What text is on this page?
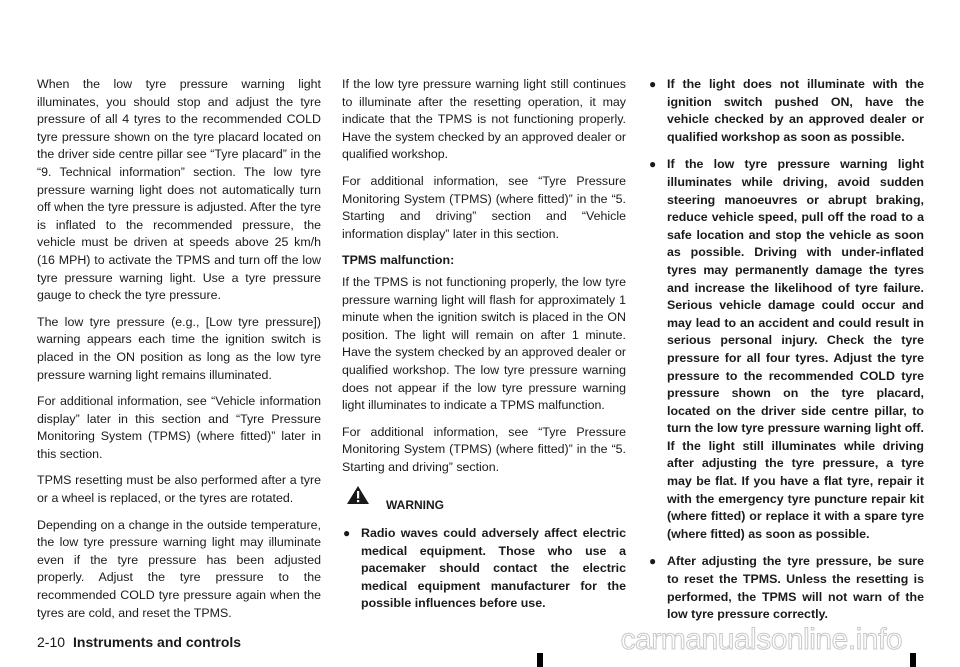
When the low tyre pressure warning light illuminates, you should stop and adjust the tyre pressure of all 4 tyres to the recommended COLD tyre pressure shown on the tyre placard located on the driver side centre pillar see “Tyre placard” in the “9. Technical information” section. The low tyre pressure warning light does not automatically turn off when the tyre pressure is adjusted. After the tyre is inflated to the recommended pressure, the vehicle must be driven at speeds above 25 km/h (16 MPH) to activate the TPMS and turn off the low tyre pressure warning light. Use a tyre pressure gauge to check the tyre pressure.

The low tyre pressure (e.g., [Low tyre pressure]) warning appears each time the ignition switch is placed in the ON position as long as the low tyre pressure warning light remains illuminated.

For additional information, see “Vehicle information display” later in this section and “Tyre Pressure Monitoring System (TPMS) (where fitted)” later in this section.

TPMS resetting must be also performed after a tyre or a wheel is replaced, or the tyres are rotated.

Depending on a change in the outside temperature, the low tyre pressure warning light may illuminate even if the tyre pressure has been adjusted properly. Adjust the tyre pressure to the recommended COLD tyre pressure again when the tyres are cold, and reset the TPMS.

If the low tyre pressure warning light still continues to illuminate after the resetting operation, it may indicate that the TPMS is not functioning properly. Have the system checked by an approved dealer or qualified workshop.

For additional information, see “Tyre Pressure Monitoring System (TPMS) (where fitted)” in the “5. Starting and driving” section and “Vehicle information display” later in this section.

TPMS malfunction:

If the TPMS is not functioning properly, the low tyre pressure warning light will flash for approximately 1 minute when the ignition switch is placed in the ON position. The light will remain on after 1 minute. Have the system checked by an approved dealer or qualified workshop. The low tyre pressure warning does not appear if the low tyre pressure warning light illuminates to indicate a TPMS malfunction.

For additional information, see “Tyre Pressure Monitoring System (TPMS) (where fitted)” in the “5. Starting and driving” section.

WARNING
● Radio waves could adversely affect electric medical equipment. Those who use a pacemaker should contact the electric medical equipment manufacturer for the possible influences before use.
● If the light does not illuminate with the ignition switch pushed ON, have the vehicle checked by an approved dealer or qualified workshop as soon as possible.
● If the low tyre pressure warning light illuminates while driving, avoid sudden steering manoeuvres or abrupt braking, reduce vehicle speed, pull off the road to a safe location and stop the vehicle as soon as possible. Driving with under-inflated tyres may permanently damage the tyres and increase the likelihood of tyre failure. Serious vehicle damage could occur and may lead to an accident and could result in serious personal injury. Check the tyre pressure for all four tyres. Adjust the tyre pressure to the recommended COLD tyre pressure shown on the tyre placard, located on the driver side centre pillar, to turn the low tyre pressure warning light off. If the light still illuminates while driving after adjusting the tyre pressure, a tyre may be flat. If you have a flat tyre, repair it with the emergency tyre puncture repair kit (where fitted) or replace it with a spare tyre (where fitted) as soon as possible.
● After adjusting the tyre pressure, be sure to reset the TPMS. Unless the resetting is performed, the TPMS will not warn of the low tyre pressure correctly.
2-10 Instruments and controls	carmanualsonline.info
